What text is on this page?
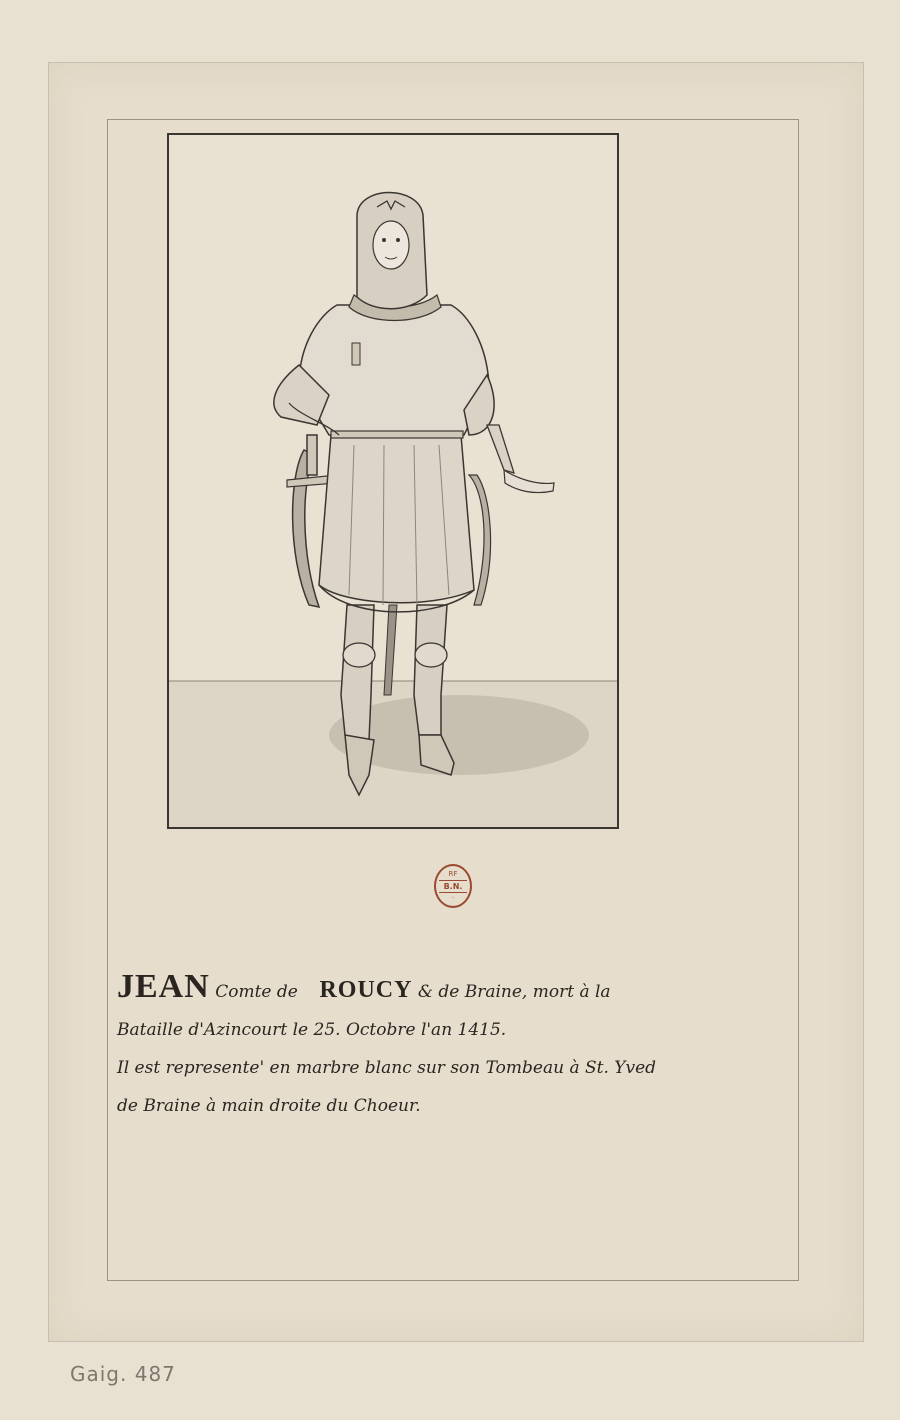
RF
B.N.
·
JEAN Comte de ROUCY & de Braine, mort à la
Bataille d'Azincourt le 25. Octobre l'an 1415.
Il est represente' en marbre blanc sur son Tombeau à St. Yved
de Braine à main droite du Choeur.
Gaig. 487
